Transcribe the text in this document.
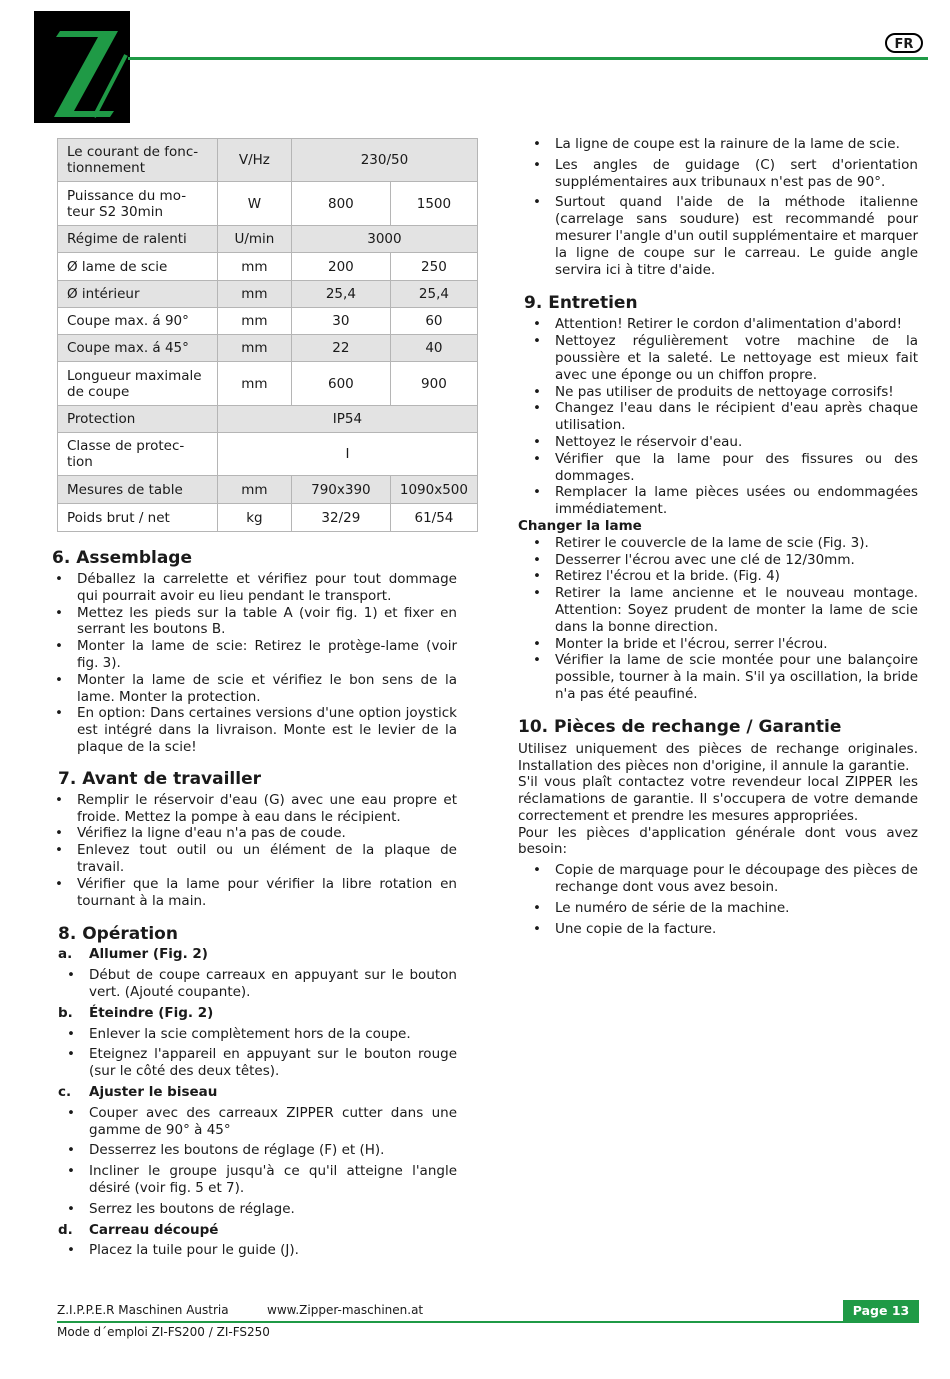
FR
Le courant de fonc-tionnement	V/Hz	230/50	
Puissance du mo-teur S2 30min	W	800	1500
Régime de ralenti	U/min	3000	
Ø lame de scie	mm	200	250
Ø intérieur	mm	25,4	25,4
Coupe max. á 90°	mm	30	60
Coupe max. á 45°	mm	22	40
Longueur maximale de coupe	mm	600	900
Protection	IP54		
Classe de protec-tion	I		
Mesures de table	mm	790x390	1090x500
Poids brut / net	kg	32/29	61/54
6. Assemblage
• Déballez la carrelette et vérifiez pour tout dommage qui pourrait avoir eu lieu pendant le transport.
• Mettez les pieds sur la table A (voir fig. 1) et fixer en serrant les boutons B.
• Monter la lame de scie: Retirez le protège-lame (voir fig. 3).
• Monter la lame de scie et vérifiez le bon sens de la lame. Monter la protection.
• En option: Dans certaines versions d'une option joystick est intégré dans la livraison. Monte est le levier de la plaque de la scie!
7. Avant de travailler
• Remplir le réservoir d'eau (G) avec une eau propre et froide. Mettez la pompe à eau dans le récipient.
• Vérifiez la ligne d'eau n'a pas de coude.
• Enlevez tout outil ou un élément de la plaque de travail.
• Vérifier que la lame pour vérifier la libre rotation en tournant à la main.
8. Opération
a. Allumer (Fig. 2)
• Début de coupe carreaux en appuyant sur le bouton vert. (Ajouté coupante).
b. Éteindre (Fig. 2)
• Enlever la scie complètement hors de la coupe.
• Eteignez l'appareil en appuyant sur le bouton rouge (sur le côté des deux têtes).
c. Ajuster le biseau
• Couper avec des carreaux ZIPPER cutter dans une gamme de 90° à 45°
• Desserrez les boutons de réglage (F) et (H).
• Incliner le groupe jusqu'à ce qu'il atteigne l'angle désiré (voir fig. 5 et 7).
• Serrez les boutons de réglage.
d. Carreau découpé
• Placez la tuile pour le guide (J).
• La ligne de coupe est la rainure de la lame de scie.
• Les angles de guidage (C) sert d'orientation supplémentaires aux tribunaux n'est pas de 90°.
• Surtout quand l'aide de la méthode italienne (carrelage sans soudure) est recommandé pour mesurer l'angle d'un outil supplémentaire et marquer la ligne de coupe sur le carreau. Le guide angle servira ici à titre d'aide.
9. Entretien
• Attention! Retirer le cordon d'alimentation d'abord!
• Nettoyez régulièrement votre machine de la poussière et la saleté. Le nettoyage est mieux fait avec une éponge ou un chiffon propre.
• Ne pas utiliser de produits de nettoyage corrosifs!
• Changez l'eau dans le récipient d'eau après chaque utilisation.
• Nettoyez le réservoir d'eau.
• Vérifier que la lame pour des fissures ou des dommages.
• Remplacer la lame pièces usées ou endommagées immédiatement.
Changer la lame
• Retirer le couvercle de la lame de scie (Fig. 3).
• Desserrer l'écrou avec une clé de 12/30mm.
• Retirez l'écrou et la bride. (Fig. 4)
• Retirer la lame ancienne et le nouveau montage. Attention: Soyez prudent de monter la lame de scie dans la bonne direction.
• Monter la bride et l'écrou, serrer l'écrou.
• Vérifier la lame de scie montée pour une balançoire possible, tourner à la main. S'il ya oscillation, la bride n'a pas été peaufiné.
10. Pièces de rechange / Garantie

Utilisez uniquement des pièces de rechange originales. Installation des pièces non d'origine, il annule la garantie.

S'il vous plaît contactez votre revendeur local ZIPPER les réclamations de garantie. Il s'occupera de votre demande correctement et prendre les mesures appropriées.

Pour les pièces d'application générale dont vous avez besoin:

• Copie de marquage pour le découpage des pièces de rechange dont vous avez besoin.
• Le numéro de série de la machine.
• Une copie de la facture.
Z.I.P.P.E.R Maschinen Austria	www.Zipper-maschinen.at	Page 13
Mode d´emploi ZI-FS200 / ZI-FS250
